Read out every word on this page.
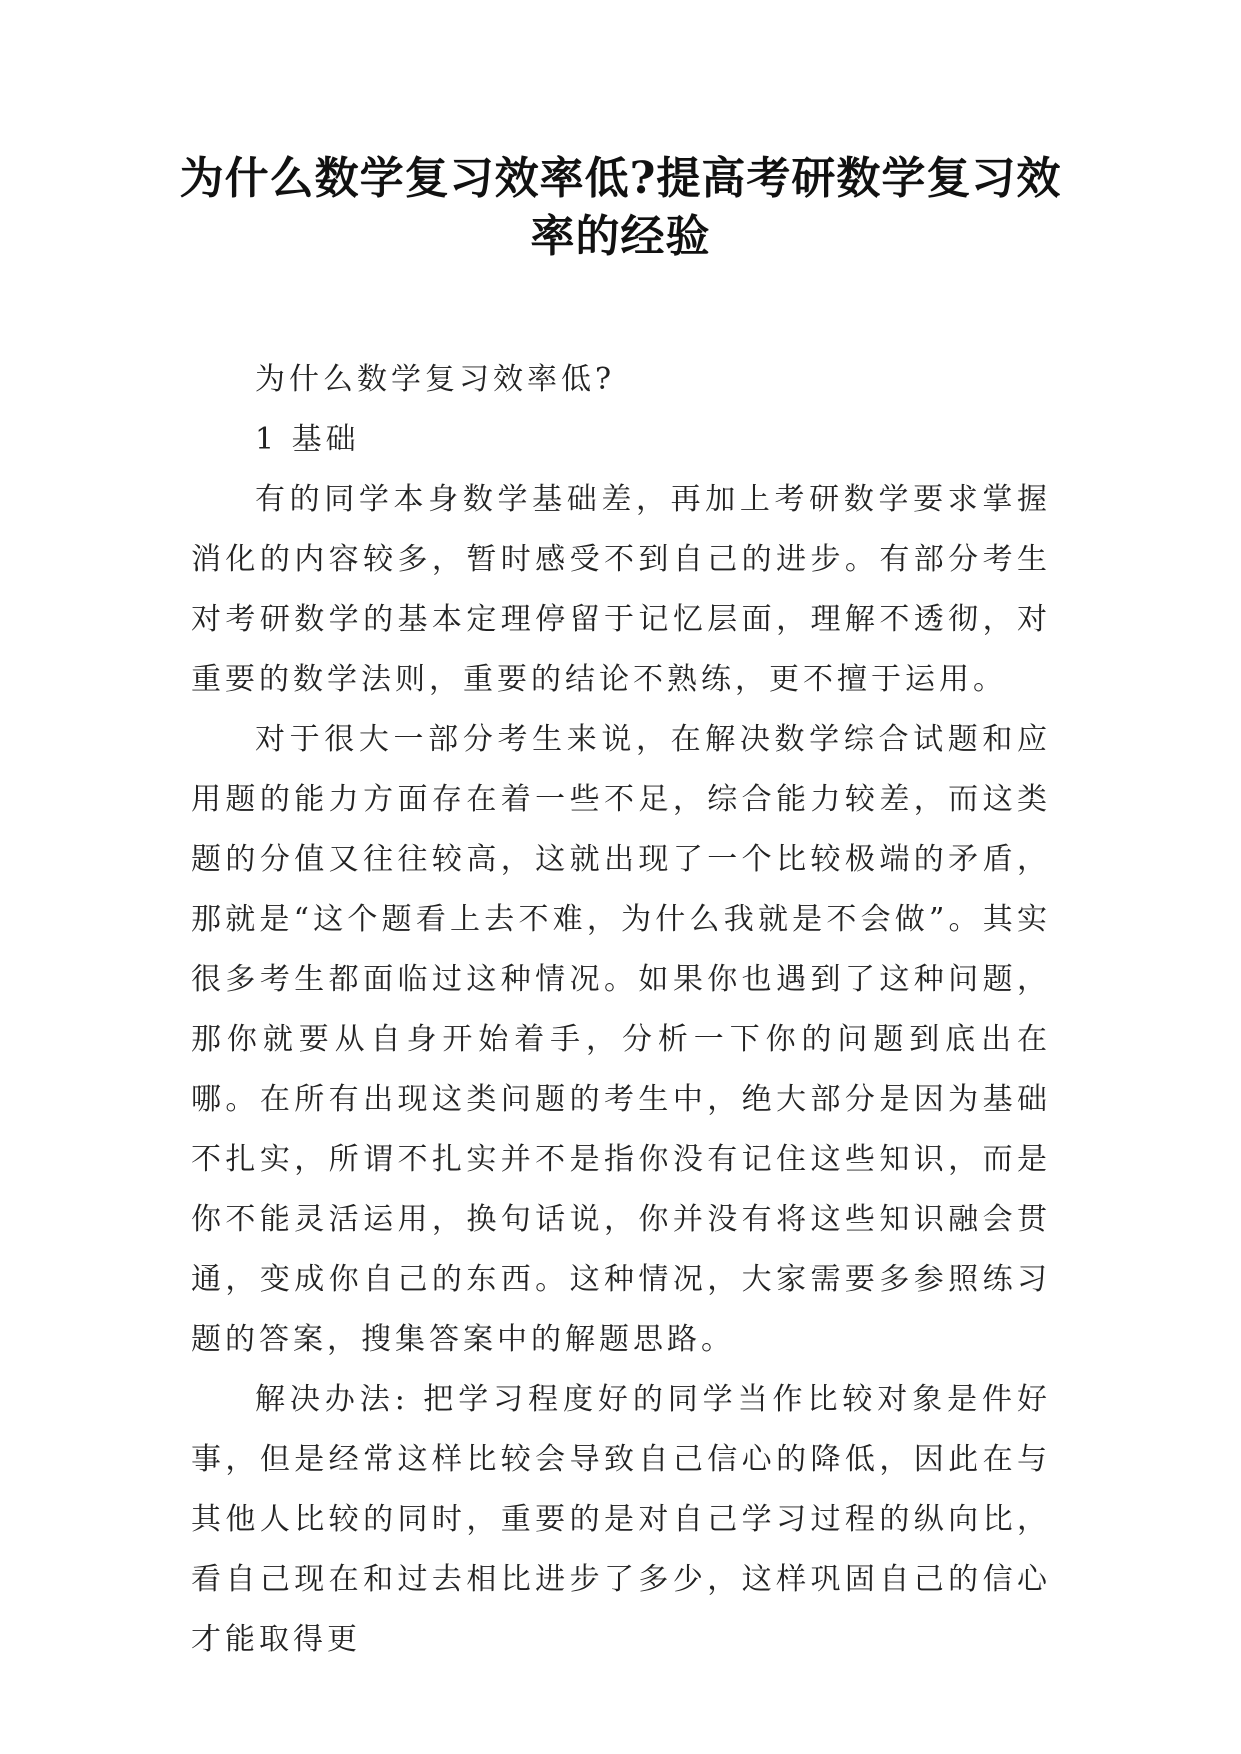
为什么数学复习效率低?提高考研数学复习效率的经验

为什么数学复习效率低?

1 基础

有的同学本身数学基础差，再加上考研数学要求掌握消化的内容较多，暂时感受不到自己的进步。有部分考生对考研数学的基本定理停留于记忆层面，理解不透彻，对重要的数学法则，重要的结论不熟练，更不擅于运用。

对于很大一部分考生来说，在解决数学综合试题和应用题的能力方面存在着一些不足，综合能力较差，而这类题的分值又往往较高，这就出现了一个比较极端的矛盾，那就是“这个题看上去不难，为什么我就是不会做”。其实很多考生都面临过这种情况。如果你也遇到了这种问题，那你就要从自身开始着手，分析一下你的问题到底出在哪。在所有出现这类问题的考生中，绝大部分是因为基础不扎实，所谓不扎实并不是指你没有记住这些知识，而是你不能灵活运用，换句话说，你并没有将这些知识融会贯通，变成你自己的东西。这种情况，大家需要多参照练习题的答案，搜集答案中的解题思路。

解决办法: 把学习程度好的同学当作比较对象是件好事，但是经常这样比较会导致自己信心的降低，因此在与其他人比较的同时，重要的是对自己学习过程的纵向比，看自己现在和过去相比进步了多少，这样巩固自己的信心才能取得更
